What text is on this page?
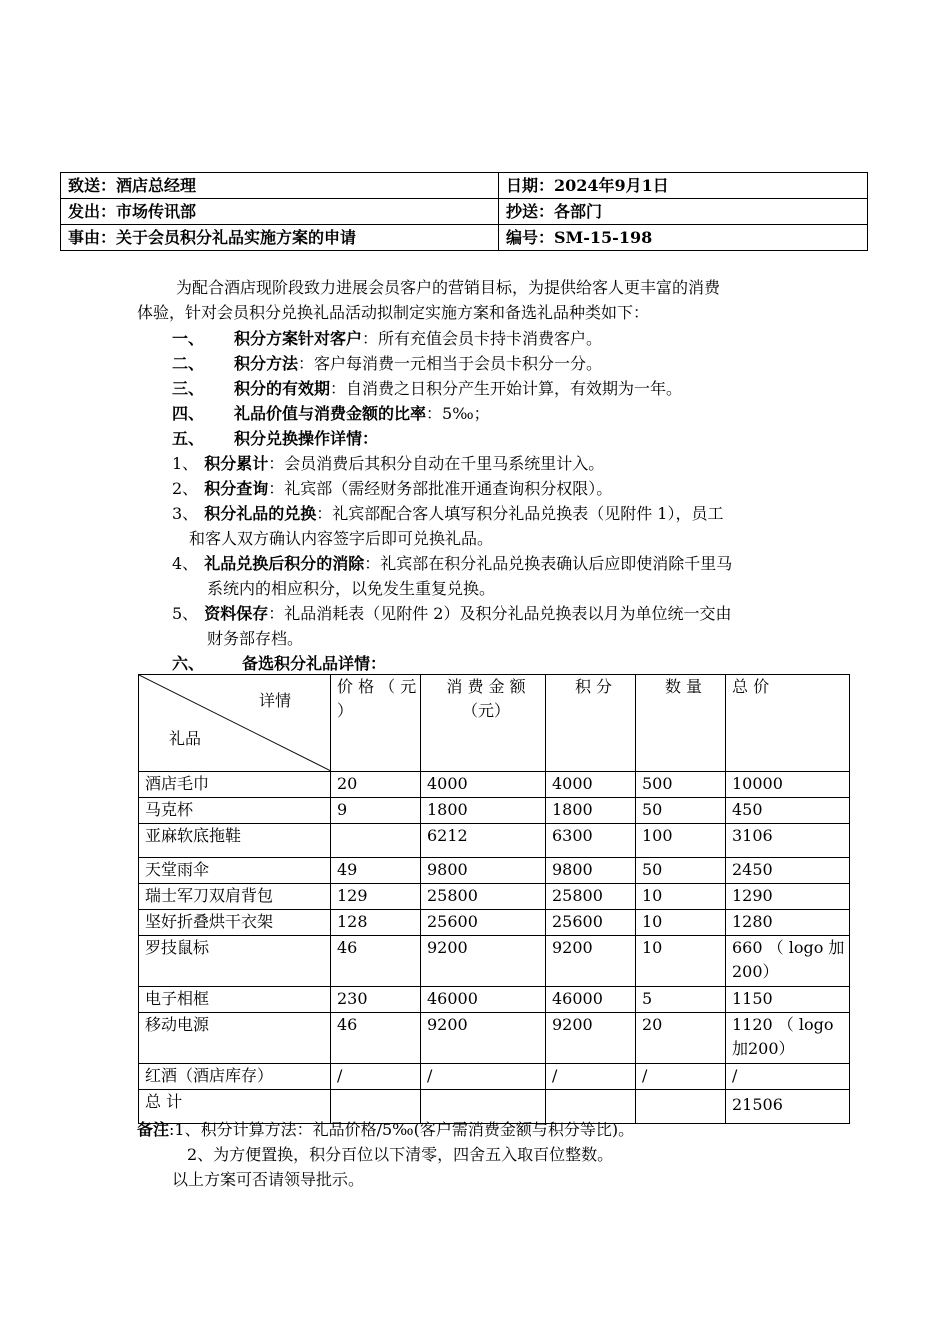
致送：酒店总经理	日期：2024年9月1日
发出：市场传讯部	抄送：各部门
事由：关于会员积分礼品实施方案的申请	编号：SM-15-198
为配合酒店现阶段致力进展会员客户的营销目标，为提供给客人更丰富的消费
体验，针对会员积分兑换礼品活动拟制定实施方案和备选礼品种类如下：
一、 积分方案针对客户：所有充值会员卡持卡消费客户。
二、 积分方法：客户每消费一元相当于会员卡积分一分。
三、 积分的有效期：自消费之日积分产生开始计算，有效期为一年。
四、 礼品价值与消费金额的比率：5‰；
五、 积分兑换操作详情：
1、 积分累计：会员消费后其积分自动在千里马系统里计入。
2、 积分查询：礼宾部（需经财务部批准开通查询积分权限）。
3、 积分礼品的兑换：礼宾部配合客人填写积分礼品兑换表（见附件 1），员工
和客人双方确认内容签字后即可兑换礼品。
4、 礼品兑换后积分的消除：礼宾部在积分礼品兑换表确认后应即使消除千里马
系统内的相应积分，以免发生重复兑换。
5、 资料保存：礼品消耗表（见附件 2）及积分礼品兑换表以月为单位统一交由
财务部存档。
六、 备选积分礼品详情：
详情
礼品	价 格 （ 元 ）	消 费 金 额 （元）	积 分	数 量	总 价
酒店毛巾	20	4000	4000	500	10000
马克杯	9	1800	1800	50	450
亚麻软底拖鞋		6212	6300	100	3106
天堂雨伞	49	9800	9800	50	2450
瑞士军刀双肩背包	129	25800	25800	10	1290
坚好折叠烘干衣架	128	25600	25600	10	1280
罗技鼠标	46	9200	9200	10	660 （ logo 加200）
电子相框	230	46000	46000	5	1150
移动电源	46	9200	9200	20	1120 （ logo 加200）
红酒（酒店库存）	/	/	/	/	/
总 计					21506
备注:1、积分计算方法：礼品价格/5‰(客户需消费金额与积分等比)。
2、为方便置换，积分百位以下清零，四舍五入取百位整数。
以上方案可否请领导批示。
